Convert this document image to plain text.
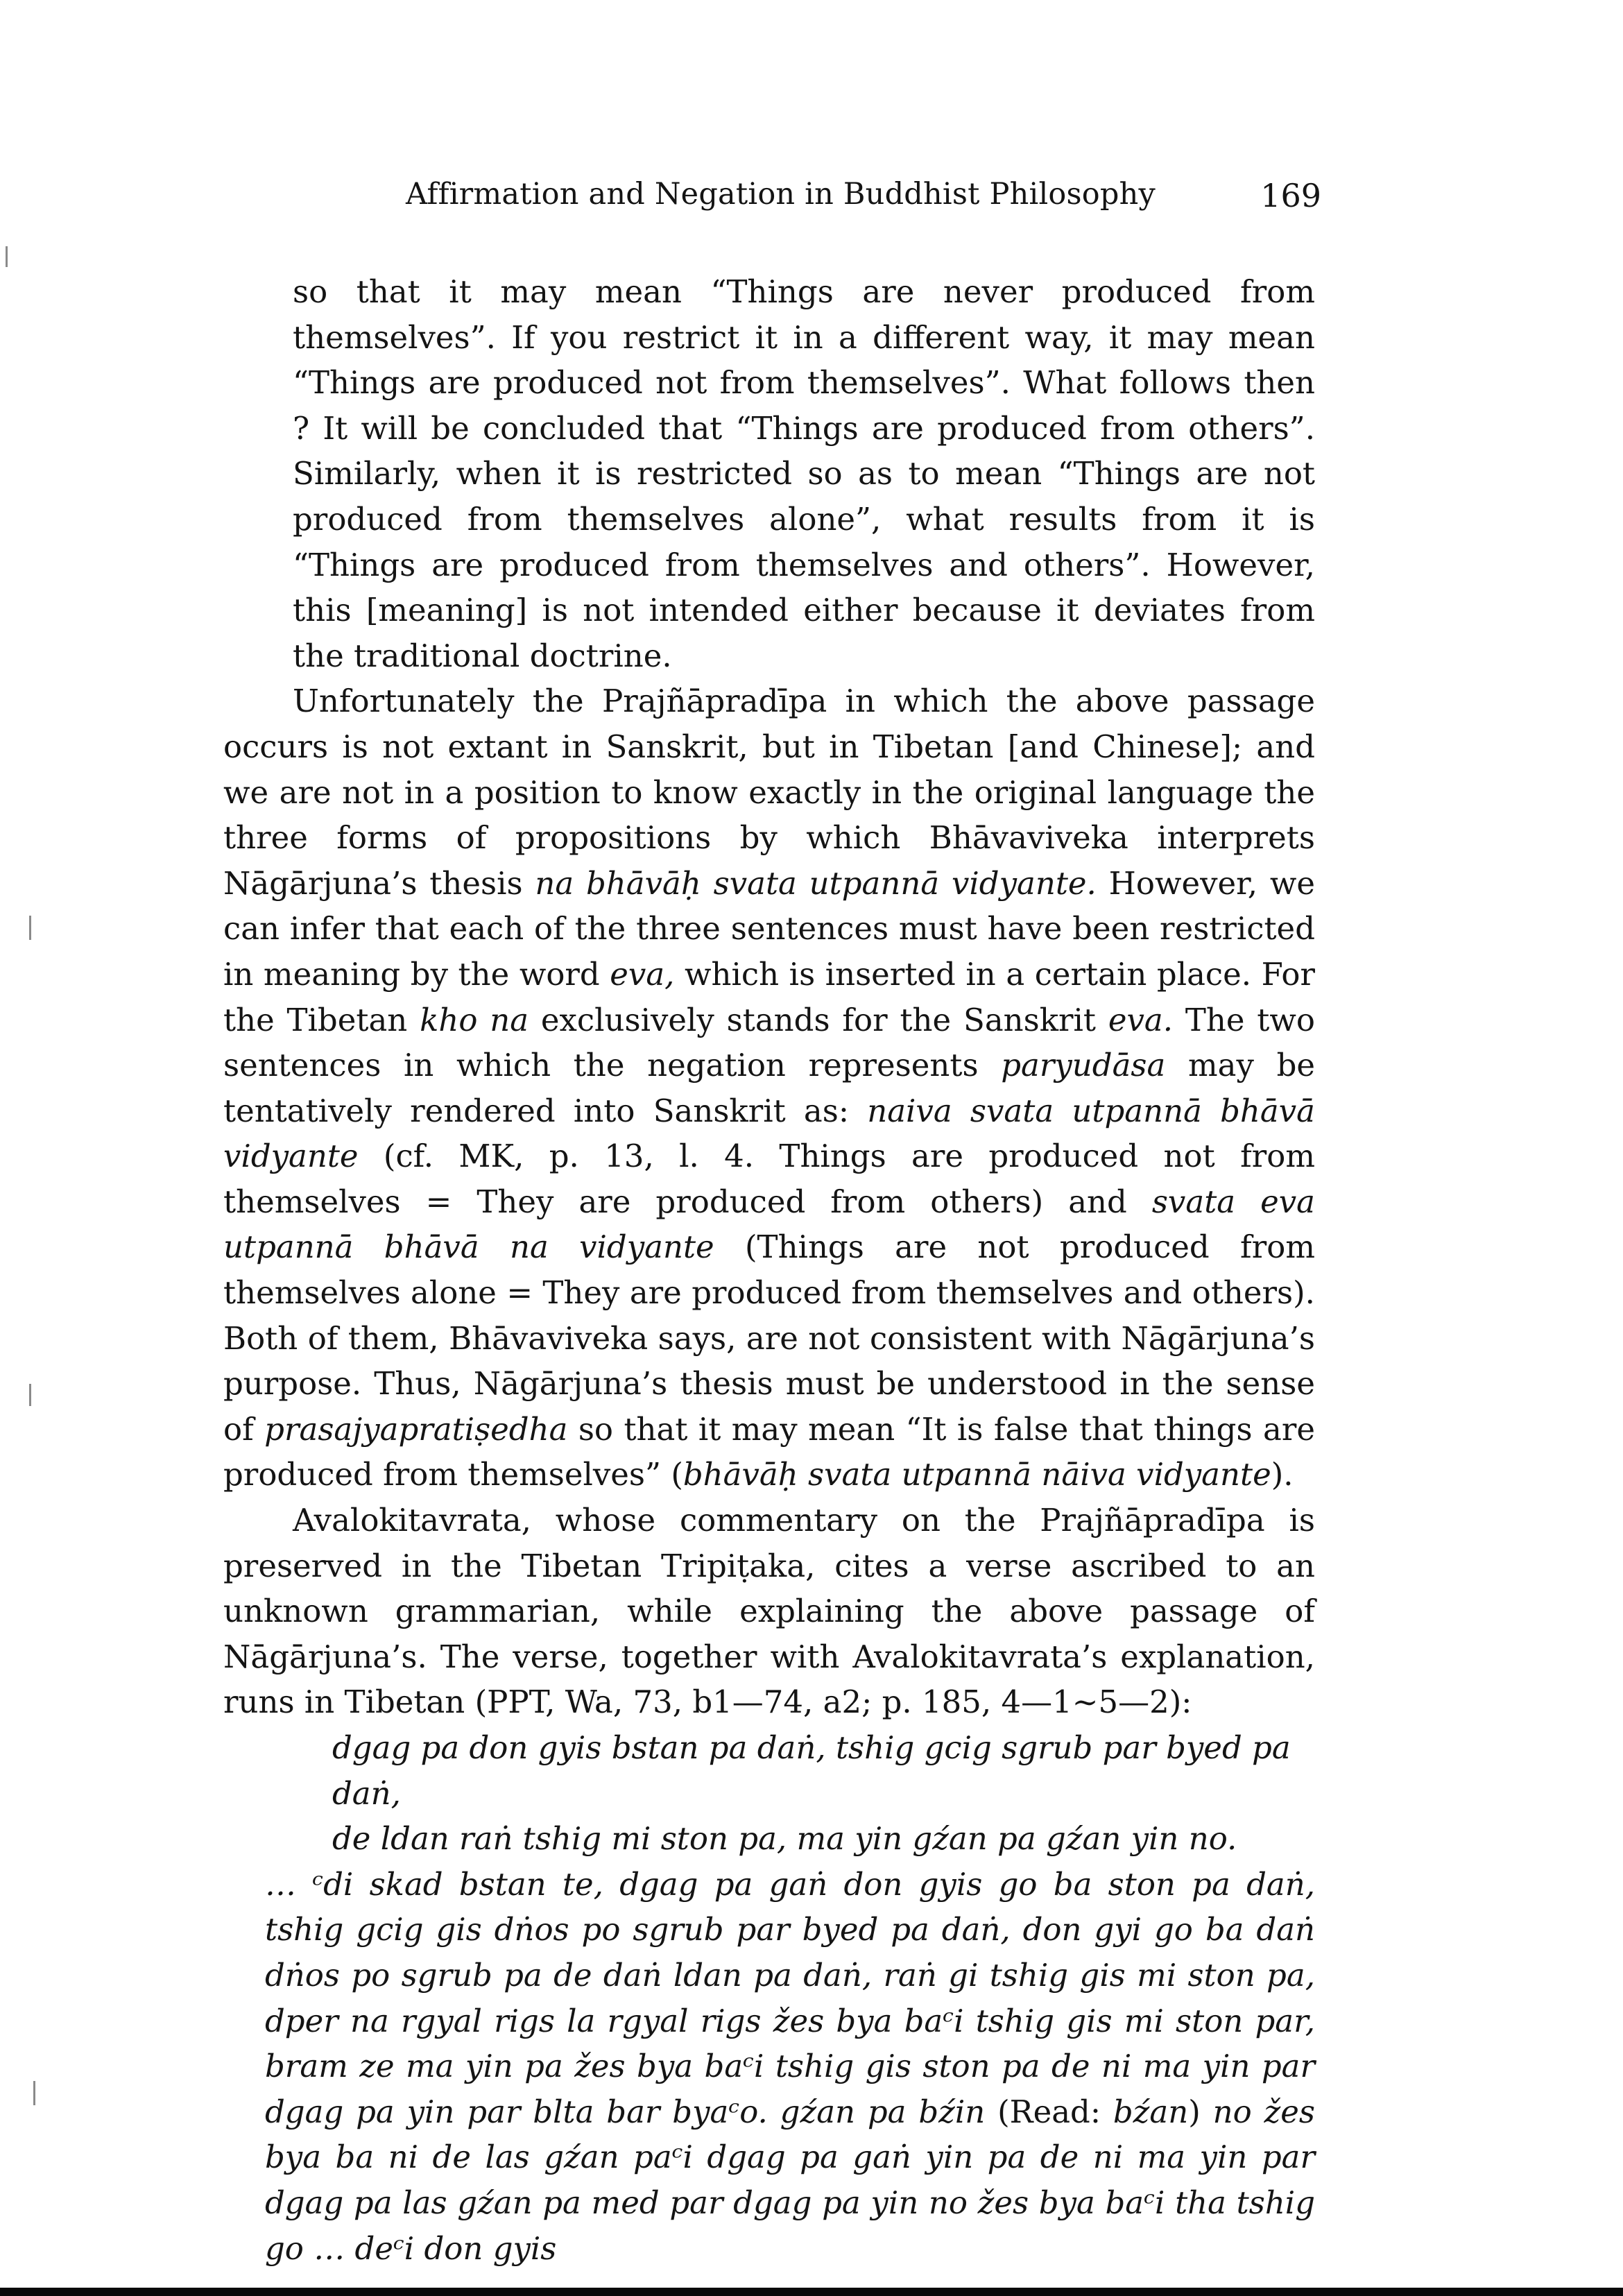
Affirmation and Negation in Buddhist Philosophy	169

so that it may mean “Things are never produced from themselves”. If you restrict it in a different way, it may mean “Things are produced not from themselves”. What follows then ? It will be concluded that “Things are produced from others”. Similarly, when it is restricted so as to mean “Things are not produced from themselves alone”, what results from it is “Things are produced from themselves and others”. However, this [meaning] is not intended either because it deviates from the traditional doctrine.

Unfortunately the Prajñāpradīpa in which the above passage occurs is not extant in Sanskrit, but in Tibetan [and Chinese]; and we are not in a position to know exactly in the original language the three forms of propositions by which Bhāvaviveka interprets Nāgārjuna’s thesis na bhāvāḥ svata utpannā vidyante. However, we can infer that each of the three sentences must have been restricted in meaning by the word eva, which is inserted in a certain place. For the Tibetan kho na exclusively stands for the Sanskrit eva. The two sentences in which the negation represents paryudāsa may be tentatively rendered into Sanskrit as: naiva svata utpannā bhāvā vidyante (cf. MK, p. 13, l. 4. Things are produced not from themselves = They are produced from others) and svata eva utpannā bhāvā na vidyante (Things are not produced from themselves alone = They are produced from themselves and others). Both of them, Bhāvaviveka says, are not consistent with Nāgārjuna’s purpose. Thus, Nāgārjuna’s thesis must be understood in the sense of prasajyapratiṣedha so that it may mean “It is false that things are produced from themselves” (bhāvāḥ svata utpannā nāiva vidyante).

Avalokitavrata, whose commentary on the Prajñāpradīpa is preserved in the Tibetan Tripiṭaka, cites a verse ascribed to an unknown grammarian, while explaining the above passage of Nāgārjuna’s. The verse, together with Avalokitavrata’s explanation, runs in Tibetan (PPT, Wa, 73, b1—74, a2; p. 185, 4—1∼5—2):

dgag pa don gyis bstan pa daṅ, tshig gcig sgrub par byed pa daṅ,
de ldan raṅ tshig mi ston pa, ma yin gźan pa gźan yin no.

… ᶜdi skad bstan te, dgag pa gaṅ don gyis go ba ston pa daṅ, tshig gcig gis dṅos po sgrub par byed pa daṅ, don gyi go ba daṅ dṅos po sgrub pa de daṅ ldan pa daṅ, raṅ gi tshig gis mi ston pa, dper na rgyal rigs la rgyal rigs žes bya baᶜi tshig gis mi ston par, bram ze ma yin pa žes bya baᶜi tshig gis ston pa de ni ma yin par dgag pa yin par blta bar byaᶜo. gźan pa bźin (Read: bźan) no žes bya ba ni de las gźan paᶜi dgag pa gaṅ yin pa de ni ma yin par dgag pa las gźan pa med par dgag pa yin no žes bya baᶜi tha tshig go … deᶜi don gyis
